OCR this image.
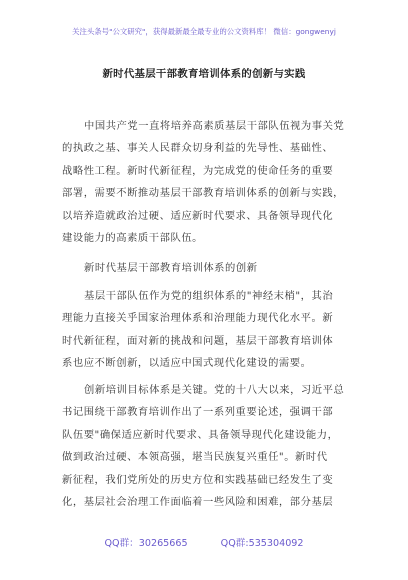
关注头条号"公文研究"，获得最新最全最专业的公文资料库！ 微信：gongwenyj
新时代基层干部教育培训体系的创新与实践

中国共产党一直将培养高素质基层干部队伍视为事关党
的执政之基、事关人民群众切身利益的先导性、基础性、
战略性工程。新时代新征程，为完成党的使命任务的重要
部署，需要不断推动基层干部教育培训体系的创新与实践，
以培养造就政治过硬、适应新时代要求、具备领导现代化
建设能力的高素质干部队伍。

新时代基层干部教育培训体系的创新

基层干部队伍作为党的组织体系的"神经末梢"，其治
理能力直接关乎国家治理体系和治理能力现代化水平。新
时代新征程，面对新的挑战和问题，基层干部教育培训体
系也应不断创新，以适应中国式现代化建设的需要。

创新培训目标体系是关键。党的十八大以来，习近平总
书记围绕干部教育培训作出了一系列重要论述，强调干部
队伍要"确保适应新时代要求、具备领导现代化建设能力，
做到政治过硬、本领高强，堪当民族复兴重任"。新时代
新征程，我们党所处的历史方位和实践基础已经发生了变
化，基层社会治理工作面临着一些风险和困难，部分基层

QQ群：30265665	QQ群:535304092
